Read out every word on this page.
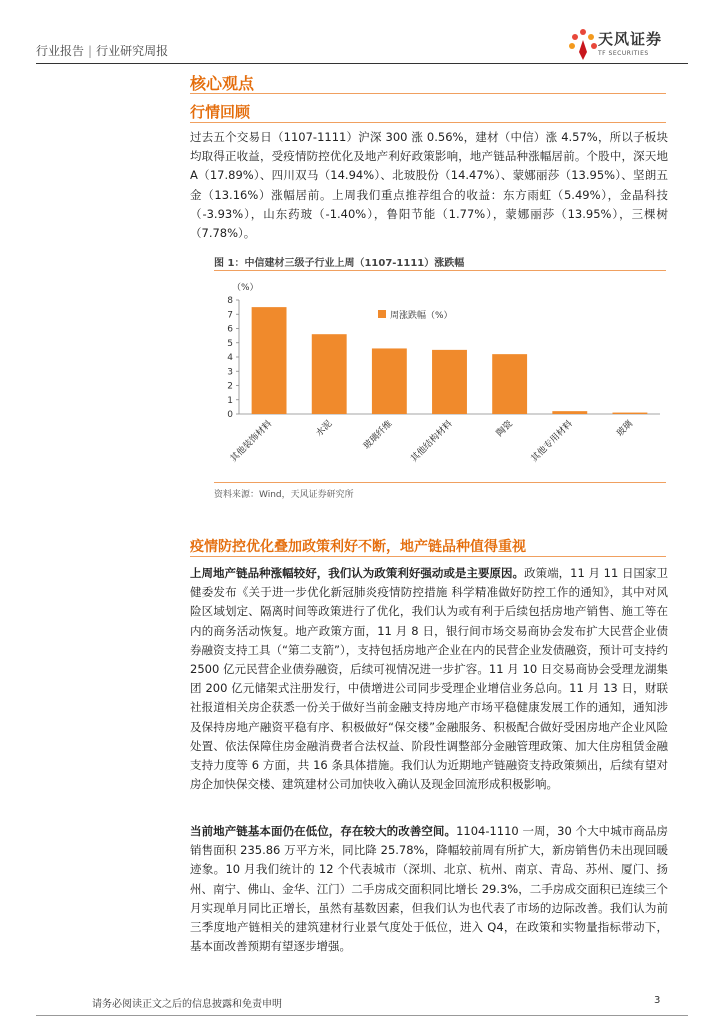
行业报告 | 行业研究周报
天风证券
TF SECURITIES
核心观点
行情回顾
过去五个交易日（1107-1111）沪深 300 涨 0.56%，建材（中信）涨 4.57%，所以子板块均取得正收益，受疫情防控优化及地产利好政策影响，地产链品种涨幅居前。个股中，深天地 A（17.89%）、四川双马（14.94%）、北玻股份（14.47%）、蒙娜丽莎（13.95%）、坚朗五金（13.16%）涨幅居前。上周我们重点推荐组合的收益：东方雨虹（5.49%），金晶科技（-3.93%），山东药玻（-1.40%），鲁阳节能（1.77%），蒙娜丽莎（13.95%），三棵树（7.78%）。
图 1：中信建材三级子行业上周（1107-1111）涨跌幅
（%）
0
1
2
3
4
5
6
7
8
其他装饰材料	水泥	玻璃纤维 其他结构材料	陶瓷 其他专用材料	玻璃
周涨跌幅（%）
资料来源：Wind，天风证券研究所
疫情防控优化叠加政策利好不断，地产链品种值得重视
上周地产链品种涨幅较好，我们认为政策利好强动或是主要原因。政策端，11 月 11 日国家卫健委发布《关于进一步优化新冠肺炎疫情防控措施 科学精准做好防控工作的通知》，其中对风险区域划定、隔离时间等政策进行了优化，我们认为或有利于后续包括房地产销售、施工等在内的商务活动恢复。地产政策方面，11 月 8 日，银行间市场交易商协会发布扩大民营企业债券融资支持工具（“第二支箭”），支持包括房地产企业在内的民营企业发债融资，预计可支持约 2500 亿元民营企业债券融资，后续可视情况进一步扩容。11 月 10 日交易商协会受理龙湖集团 200 亿元储架式注册发行，中债增进公司同步受理企业增信业务总向。11 月 13 日，财联社报道相关房企获悉一份关于做好当前金融支持房地产市场平稳健康发展工作的通知，通知涉及保持房地产融资平稳有序、积极做好“保交楼”金融服务、积极配合做好受困房地产企业风险处置、依法保障住房金融消费者合法权益、阶段性调整部分金融管理政策、加大住房租赁金融支持力度等 6 方面，共 16 条具体措施。我们认为近期地产链融资支持政策频出，后续有望对房企加快保交楼、建筑建材公司加快收入确认及现金回流形成积极影响。
当前地产链基本面仍在低位，存在较大的改善空间。1104-1110 一周，30 个大中城市商品房销售面积 235.86 万平方米，同比降 25.78%，降幅较前周有所扩大，新房销售仍未出现回暖迹象。10 月我们统计的 12 个代表城市（深圳、北京、杭州、南京、青岛、苏州、厦门、扬州、南宁、佛山、金华、江门）二手房成交面积同比增长 29.3%，二手房成交面积已连续三个月实现单月同比正增长，虽然有基数因素，但我们认为也代表了市场的边际改善。我们认为前三季度地产链相关的建筑建材行业景气度处于低位，进入 Q4，在政策和实物量指标带动下，基本面改善预期有望逐步增强。
请务必阅读正文之后的信息披露和免责申明	3
